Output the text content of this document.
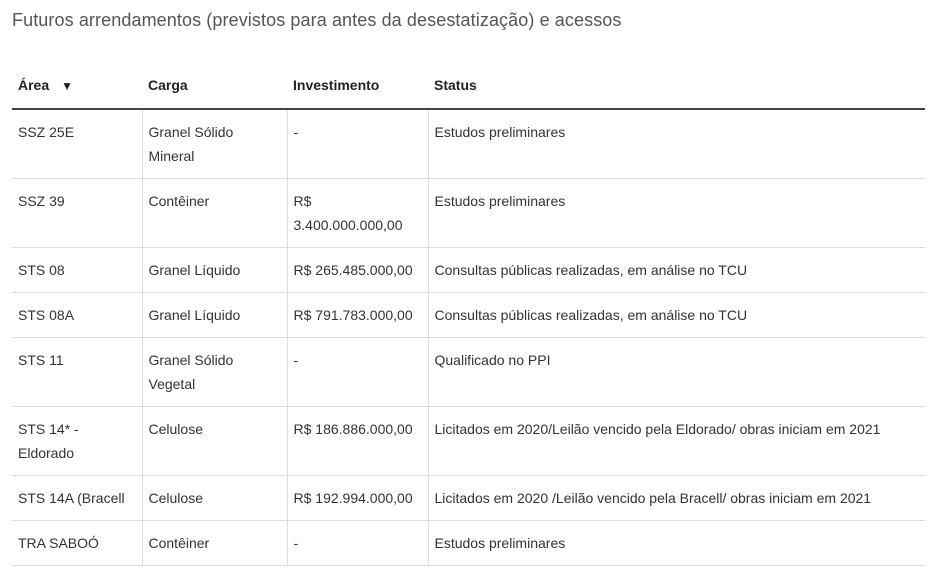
Futuros arrendamentos (previstos para antes da desestatização) e acessos
Área ▼	Carga	Investimento	Status
SSZ 25E	Granel Sólido Mineral	-	Estudos preliminares
SSZ 39	Contêiner	R$ 3.400.000.000,00	Estudos preliminares
STS 08	Granel Líquido	R$ 265.485.000,00	Consultas públicas realizadas, em análise no TCU
STS 08A	Granel Líquido	R$ 791.783.000,00	Consultas públicas realizadas, em análise no TCU
STS 11	Granel Sólido Vegetal	-	Qualificado no PPI
STS 14* - Eldorado	Celulose	R$ 186.886.000,00	Licitados em 2020/Leilão vencido pela Eldorado/ obras iniciam em 2021
STS 14A (Bracell	Celulose	R$ 192.994.000,00	Licitados em 2020 /Leilão vencido pela Bracell/ obras iniciam em 2021
TRA SABOÓ	Contêiner	-	Estudos preliminares
